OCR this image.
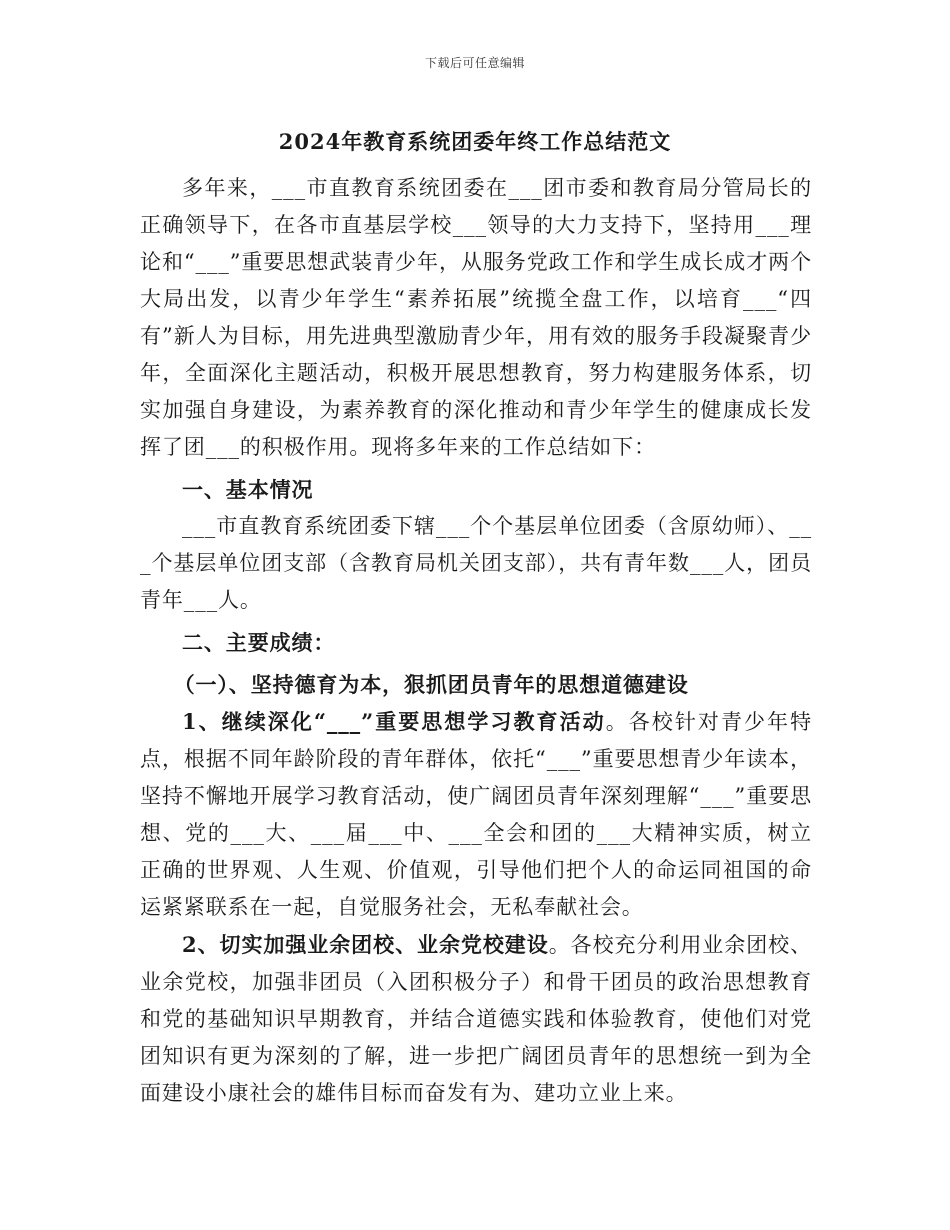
下载后可任意编辑
2024年教育系统团委年终工作总结范文

多年来，___市直教育系统团委在___团市委和教育局分管局长的正确领导下，在各市直基层学校___领导的大力支持下，坚持用___理论和“___”重要思想武装青少年，从服务党政工作和学生成长成才两个大局出发，以青少年学生“素养拓展”统揽全盘工作，以培育___“四有”新人为目标，用先进典型激励青少年，用有效的服务手段凝聚青少年，全面深化主题活动，积极开展思想教育，努力构建服务体系，切实加强自身建设，为素养教育的深化推动和青少年学生的健康成长发挥了团___的积极作用。现将多年来的工作总结如下：

一、基本情况

___市直教育系统团委下辖___个个基层单位团委（含原幼师）、___个基层单位团支部（含教育局机关团支部），共有青年数___人，团员青年___人。

二、主要成绩：

（一）、坚持德育为本，狠抓团员青年的思想道德建设

1、继续深化“___”重要思想学习教育活动。各校针对青少年特点，根据不同年龄阶段的青年群体，依托“___”重要思想青少年读本，坚持不懈地开展学习教育活动，使广阔团员青年深刻理解“___”重要思想、党的___大、___届___中、___全会和团的___大精神实质，树立正确的世界观、人生观、价值观，引导他们把个人的命运同祖国的命运紧紧联系在一起，自觉服务社会，无私奉献社会。

2、切实加强业余团校、业余党校建设。各校充分利用业余团校、业余党校，加强非团员（入团积极分子）和骨干团员的政治思想教育和党的基础知识早期教育，并结合道德实践和体验教育，使他们对党团知识有更为深刻的了解，进一步把广阔团员青年的思想统一到为全面建设小康社会的雄伟目标而奋发有为、建功立业上来。
